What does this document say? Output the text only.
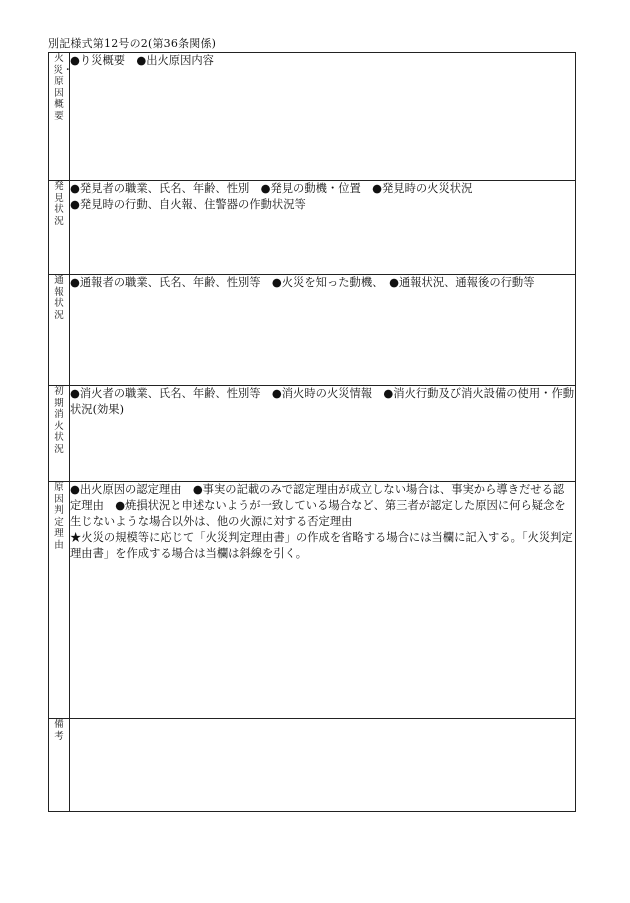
別記様式第12号の2(第36条関係)
火災・原因概要	●り災概要　●出火原因内容

発見状況	●発見者の職業、氏名、年齢、性別　●発見の動機・位置　●発見時の火災状況

●発見時の行動、自火報、住警器の作動状況等

通報状況	●通報者の職業、氏名、年齢、性別等　●火災を知った動機、　●通報状況、通報後の行動等

初期消火状況	●消火者の職業、氏名、年齢、性別等　●消火時の火災情報　●消火行動及び消火設備の使用・作動状況(効果)

原因判定理由	●出火原因の認定理由　●事実の記載のみで認定理由が成立しない場合は、事実から導きだせる認定理由　●焼損状況と申述ないようが一致している場合など、第三者が認定した原因に何ら疑念を生じないような場合以外は、他の火源に対する否定理由

★火災の規模等に応じて「火災判定理由書」の作成を省略する場合には当欄に記入する。「火災判定理由書」を作成する場合は当欄は斜線を引く。

備考	
